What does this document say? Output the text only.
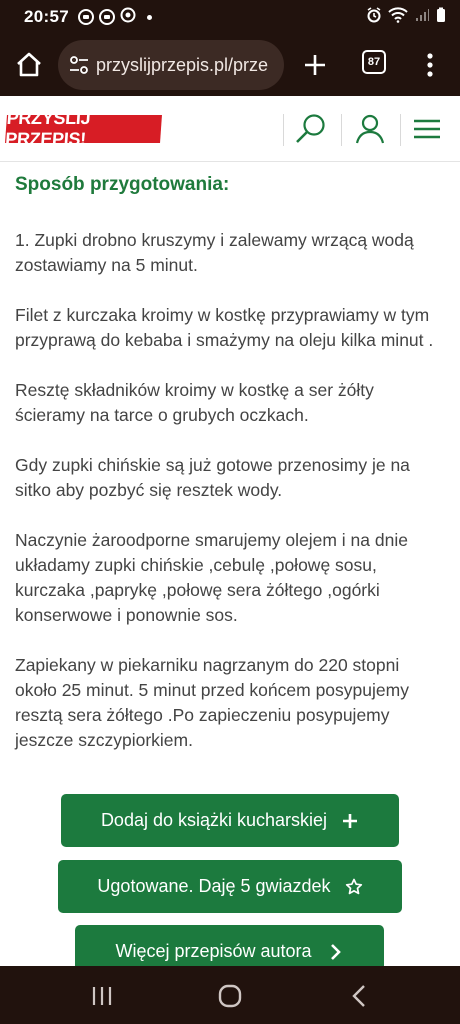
20:57
przyslijprzepis.pl/prze	87
PRZYŚLIJ PRZEPIS!
Sposób przygotowania:

1. Zupki drobno kruszymy i zalewamy wrzącą wodą zostawiamy na 5 minut.

Filet z kurczaka kroimy w kostkę przyprawiamy w tym przyprawą do kebaba i smażymy na oleju kilka minut .

Resztę składników kroimy w kostkę a ser żółty ścieramy na tarce o grubych oczkach.

Gdy zupki chińskie są już gotowe przenosimy je na sitko aby pozbyć się resztek wody.

Naczynie żaroodporne smarujemy olejem i na dnie układamy zupki chińskie ,cebulę ,połowę sosu, kurczaka ,paprykę ,połowę sera żółtego ,ogórki konserwowe i ponownie sos.

Zapiekany w piekarniku nagrzanym do 220 stopni około 25 minut. 5 minut przed końcem posypujemy resztą sera żółtego .Po zapieczeniu posypujemy jeszcze szczypiorkiem.

Dodaj do książki kucharskiej
Ugotowane. Daję 5 gwiazdek
Więcej przepisów autora
